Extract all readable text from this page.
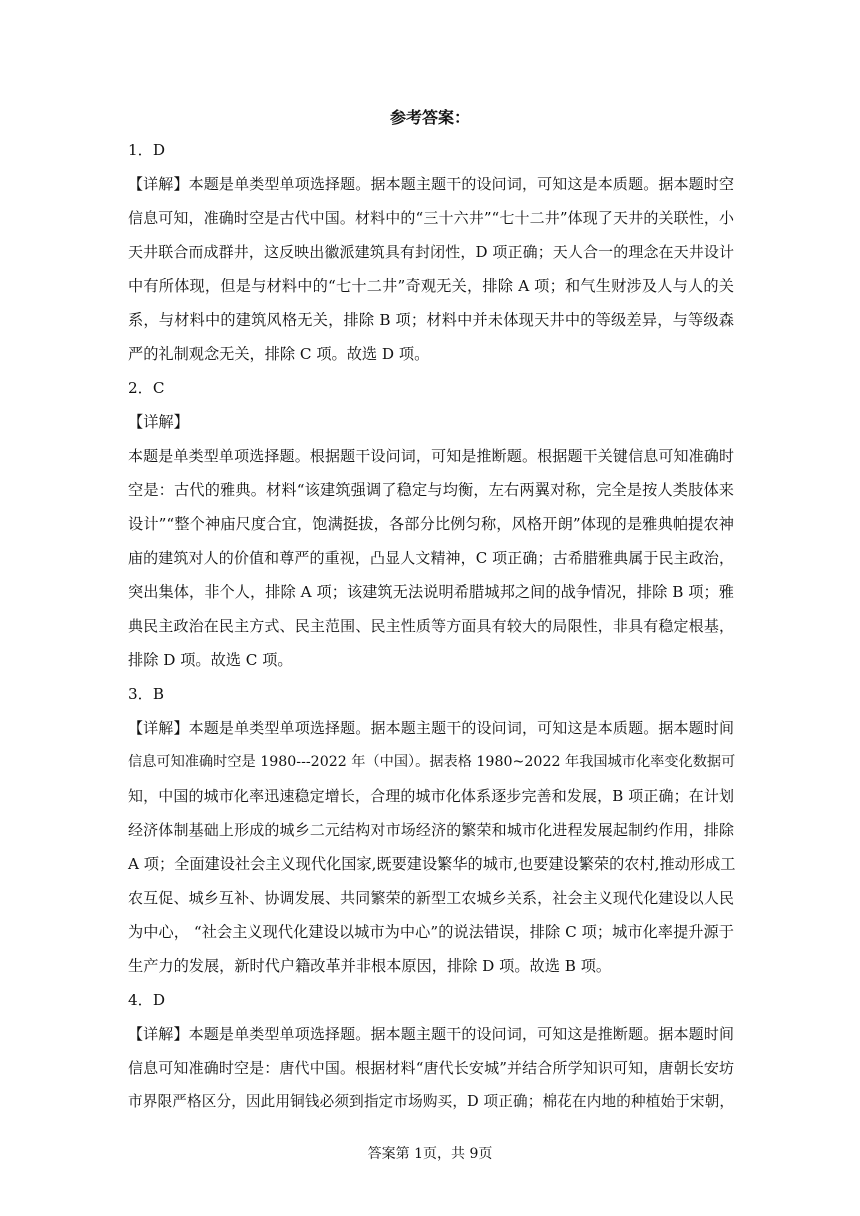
参考答案：
1．D
【详解】本题是单类型单项选择题。据本题主题干的设问词，可知这是本质题。据本题时空
信息可知，准确时空是古代中国。材料中的“三十六井”“七十二井”体现了天井的关联性，小
天井联合而成群井，这反映出徽派建筑具有封闭性，D 项正确；天人合一的理念在天井设计
中有所体现，但是与材料中的“七十二井”奇观无关，排除 A 项；和气生财涉及人与人的关
系，与材料中的建筑风格无关，排除 B 项；材料中并未体现天井中的等级差异，与等级森
严的礼制观念无关，排除 C 项。故选 D 项。
2．C
【详解】
本题是单类型单项选择题。根据题干设问词，可知是推断题。根据题干关键信息可知准确时
空是：古代的雅典。材料“该建筑强调了稳定与均衡，左右两翼对称，完全是按人类肢体来
设计”“整个神庙尺度合宜，饱满挺拔，各部分比例匀称，风格开朗”体现的是雅典帕提农神
庙的建筑对人的价值和尊严的重视，凸显人文精神，C 项正确；古希腊雅典属于民主政治，
突出集体，非个人，排除 A 项；该建筑无法说明希腊城邦之间的战争情况，排除 B 项；雅
典民主政治在民主方式、民主范围、民主性质等方面具有较大的局限性，非具有稳定根基，
排除 D 项。故选 C 项。
3．B
【详解】本题是单类型单项选择题。据本题主题干的设问词，可知这是本质题。据本题时间
信息可知准确时空是 1980---2022 年（中国）。据表格 1980~2022 年我国城市化率变化数据可
知，中国的城市化率迅速稳定增长，合理的城市化体系逐步完善和发展，B 项正确；在计划
经济体制基础上形成的城乡二元结构对市场经济的繁荣和城市化进程发展起制约作用，排除
A 项；全面建设社会主义现代化国家,既要建设繁华的城市,也要建设繁荣的农村,推动形成工
农互促、城乡互补、协调发展、共同繁荣的新型工农城乡关系，社会主义现代化建设以人民
为中心， “社会主义现代化建设以城市为中心”的说法错误，排除 C 项；城市化率提升源于
生产力的发展，新时代户籍改革并非根本原因，排除 D 项。故选 B 项。
4．D
【详解】本题是单类型单项选择题。据本题主题干的设问词，可知这是推断题。据本题时间
信息可知准确时空是：唐代中国。根据材料“唐代长安城”并结合所学知识可知，唐朝长安坊
市界限严格区分，因此用铜钱必须到指定市场购买，D 项正确；棉花在内地的种植始于宋朝，
答案第 1页，共 9页
